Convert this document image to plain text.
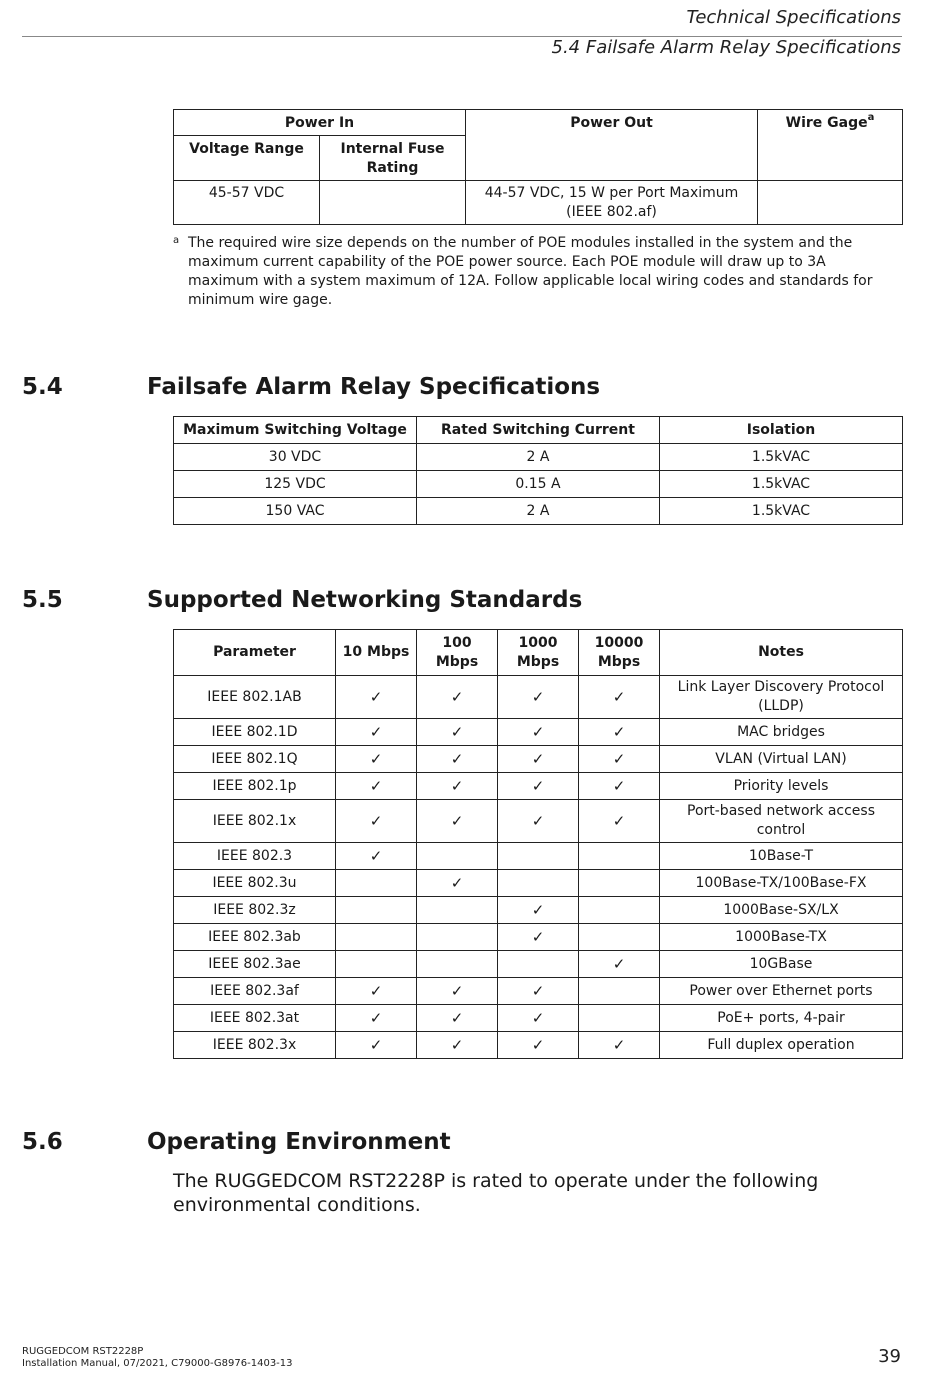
Technical Specifications
5.4 Failsafe Alarm Relay Specifications
Power In		Power Out	Wire Gage$^a$
Voltage Range	Internal Fuse Rating		
45-57 VDC		44-57 VDC, 15 W per Port Maximum (IEEE 802.af)	
a The required wire size depends on the number of POE modules installed in the system and the maximum current capability of the POE power source. Each POE module will draw up to 3A maximum with a system maximum of 12A. Follow applicable local wiring codes and standards for minimum wire gage.
5.4	Failsafe Alarm Relay Specifications
Maximum Switching Voltage	Rated Switching Current	Isolation
30 VDC	2 A	1.5kVAC
125 VDC	0.15 A	1.5kVAC
150 VAC	2 A	1.5kVAC
5.5	Supported Networking Standards
Parameter	10 Mbps	100 Mbps	1000 Mbps	10000 Mbps	Notes
IEEE 802.1AB	✓	✓	✓	✓	Link Layer Discovery Protocol (LLDP)
IEEE 802.1D	✓	✓	✓	✓	MAC bridges
IEEE 802.1Q	✓	✓	✓	✓	VLAN (Virtual LAN)
IEEE 802.1p	✓	✓	✓	✓	Priority levels
IEEE 802.1x	✓	✓	✓	✓	Port-based network access control
IEEE 802.3	✓				10Base-T
IEEE 802.3u		✓			100Base-TX/100Base-FX
IEEE 802.3z			✓		1000Base-SX/LX
IEEE 802.3ab			✓		1000Base-TX
IEEE 802.3ae				✓	10GBase
IEEE 802.3af	✓	✓	✓		Power over Ethernet ports
IEEE 802.3at	✓	✓	✓		PoE+ ports, 4-pair
IEEE 802.3x	✓	✓	✓	✓	Full duplex operation
5.6	Operating Environment
The RUGGEDCOM RST2228P is rated to operate under the following environmental conditions.
RUGGEDCOM RST2228P
Installation Manual, 07/2021, C79000-G8976-1403-13	39
